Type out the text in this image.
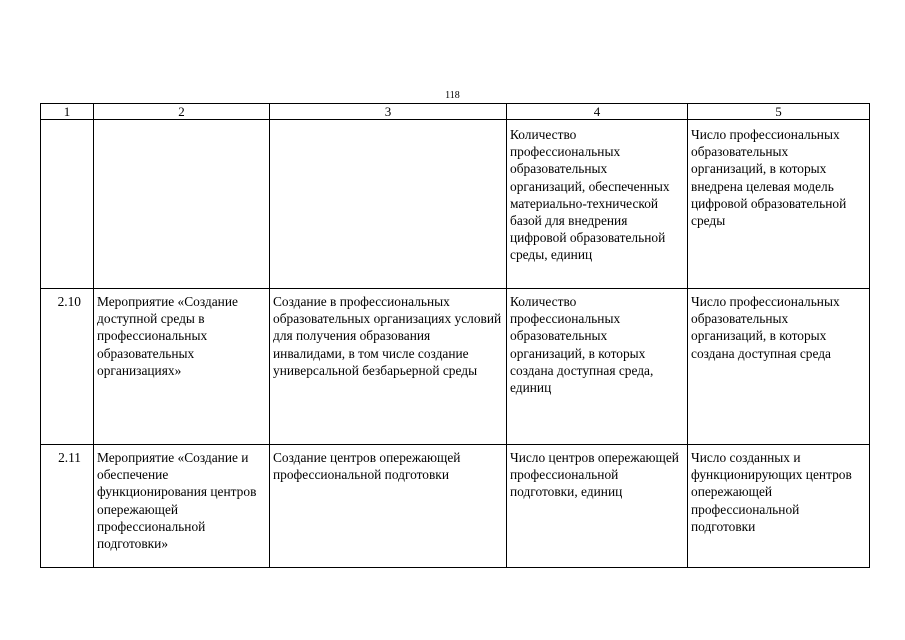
118
1	2	3	4	5
			Количество профессиональных образовательных организаций, обеспеченных материально-технической базой для внедрения цифровой образовательной среды, единиц	Число профессиональных образовательных организаций, в которых внедрена целевая модель цифровой образовательной среды
2.10	Мероприятие «Создание доступной среды в профессиональных образовательных организациях»	Создание в профессиональных образовательных организациях условий для получения образования инвалидами, в том числе создание универсальной безбарьерной среды	Количество профессиональных образовательных организаций, в которых создана доступная среда, единиц	Число профессиональных образовательных организаций, в которых создана доступная среда
2.11	Мероприятие «Создание и обеспечение функционирования центров опережающей профессиональной подготовки»	Создание центров опережающей профессиональной подготовки	Число центров опережающей профессиональной подготовки, единиц	Число созданных и функционирующих центров опережающей профессиональной подготовки
